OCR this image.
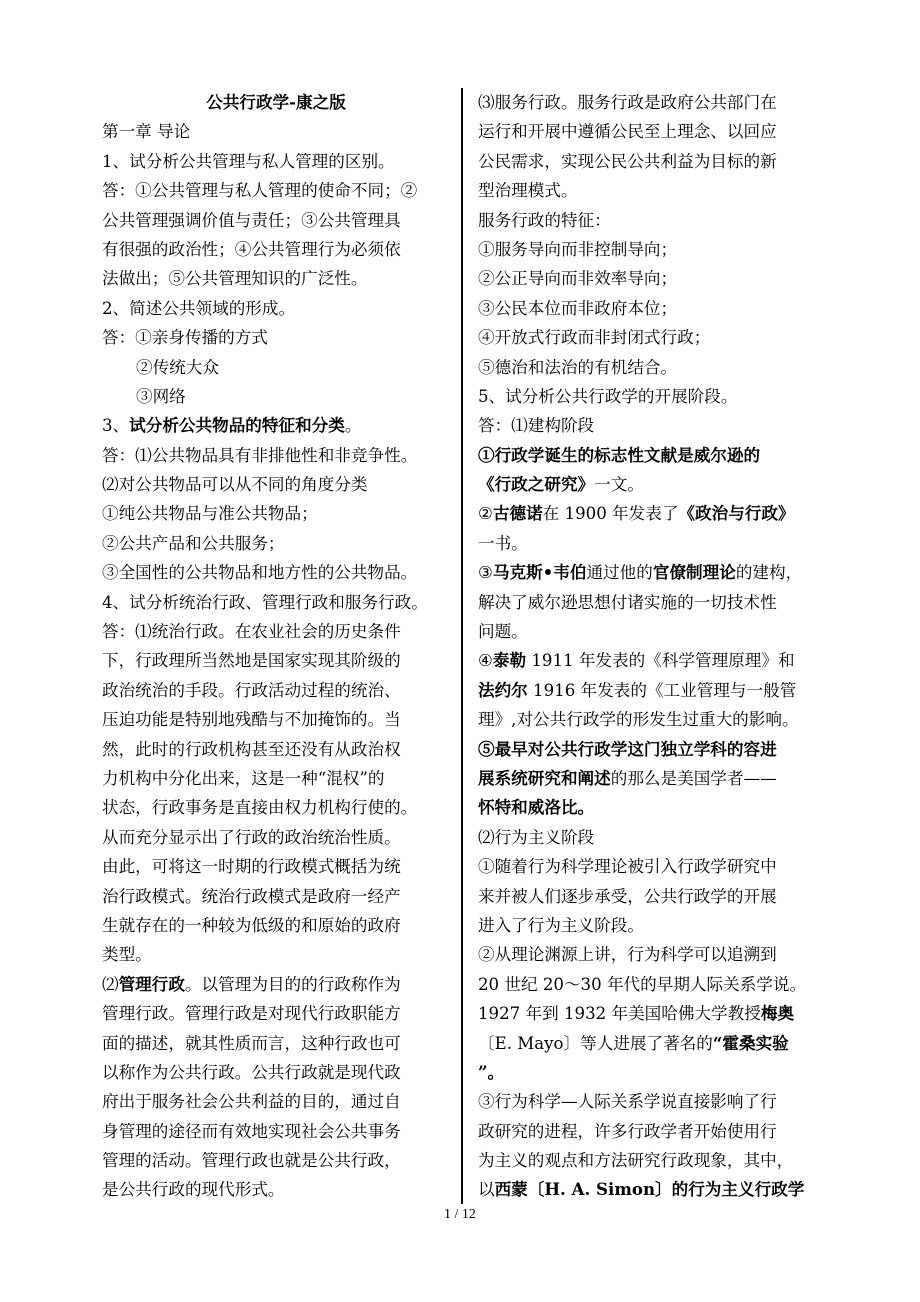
公共行政学-康之版
第一章 导论
1、试分析公共管理与私人管理的区别。
答：①公共管理与私人管理的使命不同；②
公共管理强调价值与责任；③公共管理具
有很强的政治性；④公共管理行为必须依
法做出；⑤公共管理知识的广泛性。
2、简述公共领域的形成。
答：①亲身传播的方式
②传统大众
③网络
3、试分析公共物品的特征和分类。
答：⑴公共物品具有非排他性和非竞争性。
⑵对公共物品可以从不同的角度分类
①纯公共物品与准公共物品；
②公共产品和公共服务；
③全国性的公共物品和地方性的公共物品。
4、试分析统治行政、管理行政和服务行政。
答：⑴统治行政。在农业社会的历史条件
下，行政理所当然地是国家实现其阶级的
政治统治的手段。行政活动过程的统治、
压迫功能是特别地残酷与不加掩饰的。当
然，此时的行政机构甚至还没有从政治权
力机构中分化出来，这是一种“混权”的
状态，行政事务是直接由权力机构行使的。
从而充分显示出了行政的政治统治性质。
由此，可将这一时期的行政模式概括为统
治行政模式。统治行政模式是政府一经产
生就存在的一种较为低级的和原始的政府
类型。
⑵管理行政。以管理为目的的行政称作为
管理行政。管理行政是对现代行政职能方
面的描述，就其性质而言，这种行政也可
以称作为公共行政。公共行政就是现代政
府出于服务社会公共利益的目的，通过自
身管理的途径而有效地实现社会公共事务
管理的活动。管理行政也就是公共行政，
是公共行政的现代形式。
⑶服务行政。服务行政是政府公共部门在
运行和开展中遵循公民至上理念、以回应
公民需求，实现公民公共利益为目标的新
型治理模式。
服务行政的特征：
①服务导向而非控制导向；
②公正导向而非效率导向；
③公民本位而非政府本位；
④开放式行政而非封闭式行政；
⑤德治和法治的有机结合。
5、试分析公共行政学的开展阶段。
答：⑴建构阶段
①行政学诞生的标志性文献是威尔逊的
《行政之研究》一文。
②古德诺在 1900 年发表了《政治与行政》
一书。
③马克斯•韦伯通过他的官僚制理论的建构，
解决了威尔逊思想付诸实施的一切技术性
问题。
④泰勒 1911 年发表的《科学管理原理》和
法约尔 1916 年发表的《工业管理与一般管
理》,对公共行政学的形发生过重大的影响。
⑤最早对公共行政学这门独立学科的容进
展系统研究和阐述的那么是美国学者——
怀特和威洛比。
⑵行为主义阶段
①随着行为科学理论被引入行政学研究中
来并被人们逐步承受，公共行政学的开展
进入了行为主义阶段。
②从理论渊源上讲，行为科学可以追溯到
20 世纪 20～30 年代的早期人际关系学说。
1927 年到 1932 年美国哈佛大学教授梅奥
〔E. Mayo〕等人进展了著名的“霍桑实验
”。
③行为科学—人际关系学说直接影响了行
政研究的进程，许多行政学者开始使用行
为主义的观点和方法研究行政现象，其中，
以西蒙〔H. A. Simon〕的行为主义行政学
1 / 12
